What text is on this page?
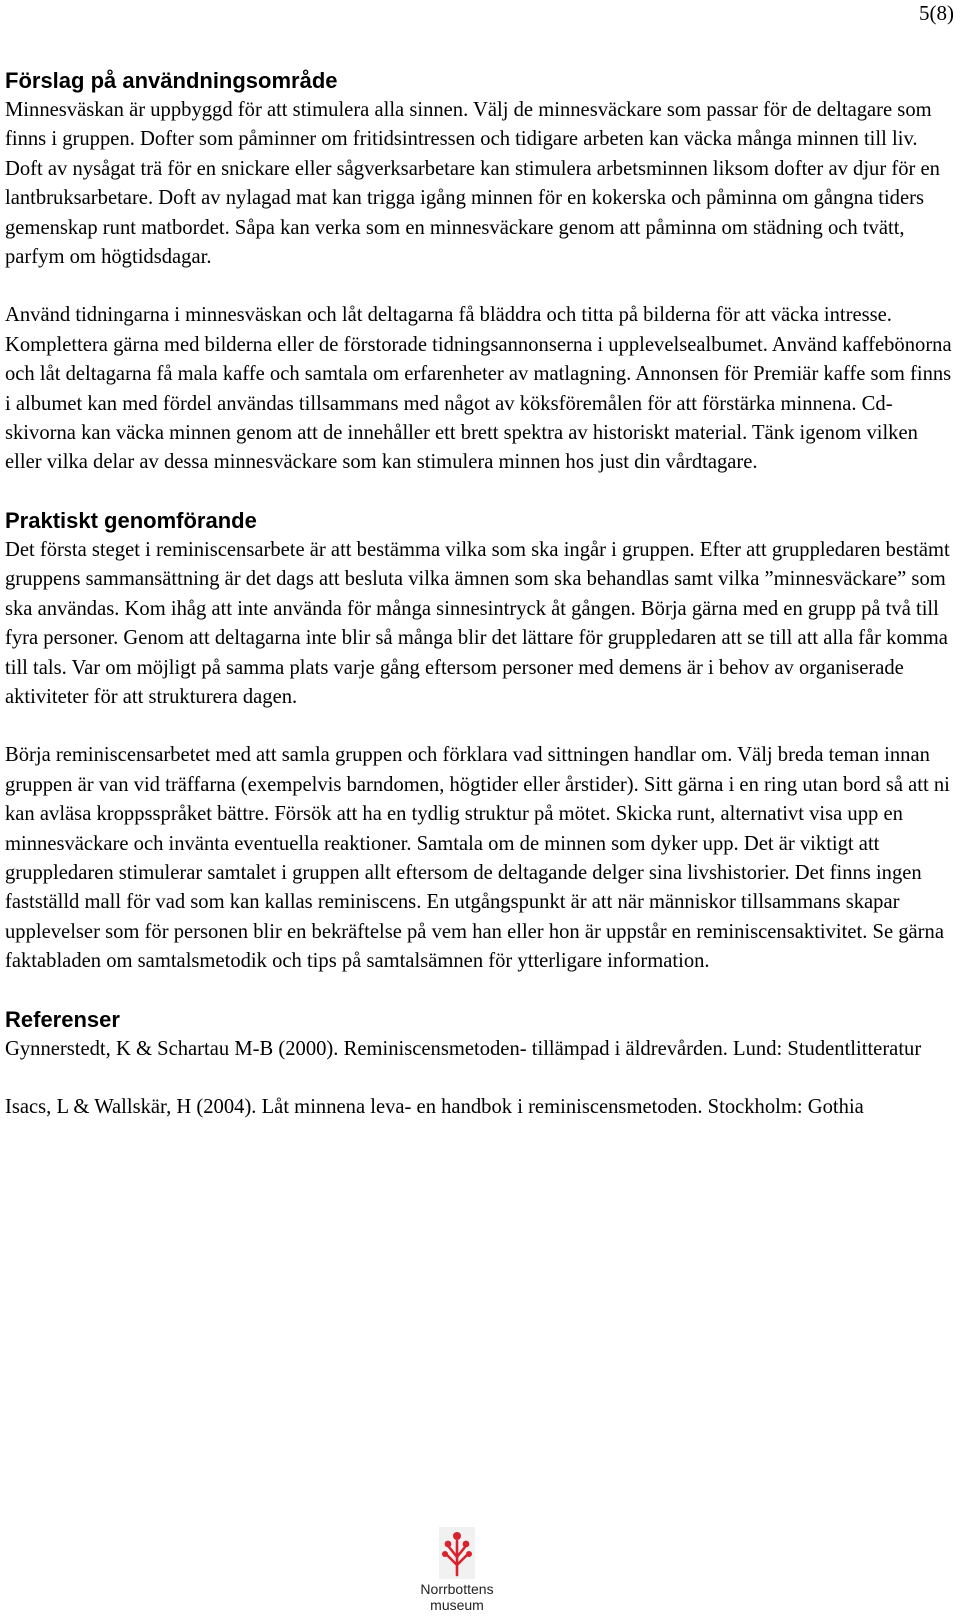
5(8)
Förslag på användningsområde

Minnesväskan är uppbyggd för att stimulera alla sinnen. Välj de minnesväckare som passar för de deltagare som finns i gruppen. Dofter som påminner om fritidsintressen och tidigare arbeten kan väcka många minnen till liv. Doft av nysågat trä för en snickare eller sågverksarbetare kan stimulera arbetsminnen liksom dofter av djur för en lantbruksarbetare. Doft av nylagad mat kan trigga igång minnen för en kokerska och påminna om gångna tiders gemenskap runt matbordet. Såpa kan verka som en minnesväckare genom att påminna om städning och tvätt, parfym om högtidsdagar.

Använd tidningarna i minnesväskan och låt deltagarna få bläddra och titta på bilderna för att väcka intresse. Komplettera gärna med bilderna eller de förstorade tidningsannonserna i upplevelsealbumet. Använd kaffebönorna och låt deltagarna få mala kaffe och samtala om erfarenheter av matlagning. Annonsen för Premiär kaffe som finns i albumet kan med fördel användas tillsammans med något av köksföremålen för att förstärka minnena. Cd-skivorna kan väcka minnen genom att de innehåller ett brett spektra av historiskt material. Tänk igenom vilken eller vilka delar av dessa minnesväckare som kan stimulera minnen hos just din vårdtagare.

Praktiskt genomförande

Det första steget i reminiscensarbete är att bestämma vilka som ska ingår i gruppen. Efter att gruppledaren bestämt gruppens sammansättning är det dags att besluta vilka ämnen som ska behandlas samt vilka ”minnesväckare” som ska användas. Kom ihåg att inte använda för många sinnesintryck åt gången. Börja gärna med en grupp på två till fyra personer. Genom att deltagarna inte blir så många blir det lättare för gruppledaren att se till att alla får komma till tals. Var om möjligt på samma plats varje gång eftersom personer med demens är i behov av organiserade aktiviteter för att strukturera dagen.

Börja reminiscensarbetet med att samla gruppen och förklara vad sittningen handlar om. Välj breda teman innan gruppen är van vid träffarna (exempelvis barndomen, högtider eller årstider). Sitt gärna i en ring utan bord så att ni kan avläsa kroppsspråket bättre. Försök att ha en tydlig struktur på mötet. Skicka runt, alternativt visa upp en minnesväckare och invänta eventuella reaktioner. Samtala om de minnen som dyker upp. Det är viktigt att gruppledaren stimulerar samtalet i gruppen allt eftersom de deltagande delger sina livshistorier. Det finns ingen fastställd mall för vad som kan kallas reminiscens. En utgångspunkt är att när människor tillsammans skapar upplevelser som för personen blir en bekräftelse på vem han eller hon är uppstår en reminiscensaktivitet. Se gärna faktabladen om samtalsmetodik och tips på samtalsämnen för ytterligare information.

Referenser

Gynnerstedt, K & Schartau M-B (2000). Reminiscensmetoden- tillämpad i äldrevården. Lund: Studentlitteratur

Isacs, L & Wallskär, H (2004). Låt minnena leva- en handbok i reminiscensmetoden. Stockholm: Gothia

Norrbottens
museum
